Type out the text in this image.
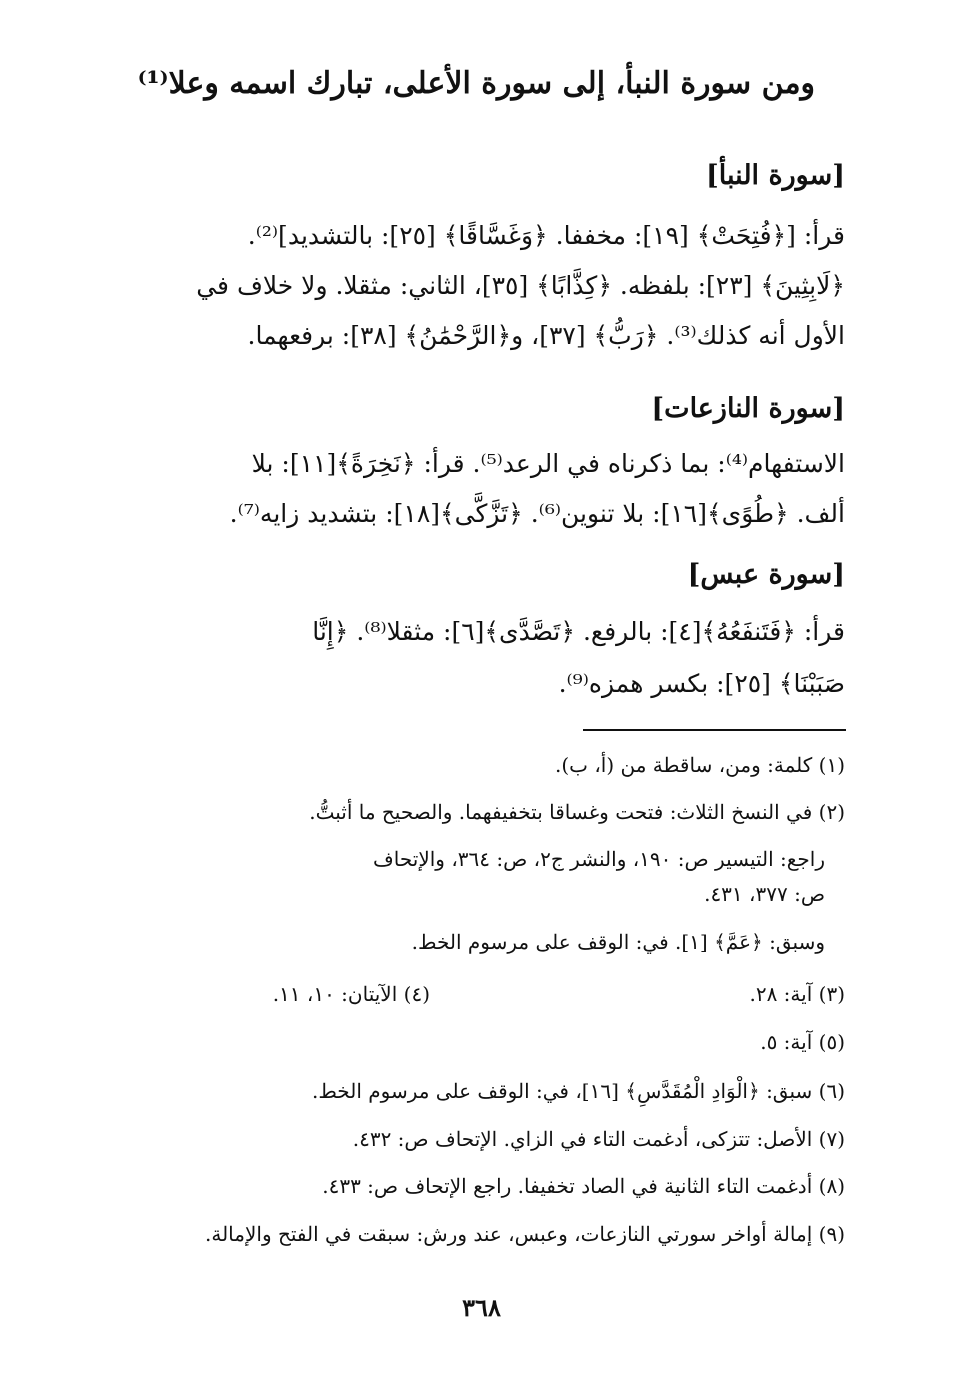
ومن سورة النبأ، إلى سورة الأعلى، تبارك اسمه وعلا⁽¹⁾
[سورة النبأ]
قرأ: [﴿فُتِحَتْ﴾ [١٩]: مخففا. ﴿وَغَسَّاقًا﴾ [٢٥]: بالتشديد]⁽²⁾.
﴿لَابِثِينَ﴾ [٢٣]: بلفظه. ﴿كِذَّابًا﴾ [٣٥]، الثاني: مثقلا. ولا خلاف في
الأول أنه كذلك⁽³⁾. ﴿رَبُّ﴾ [٣٧]، و﴿الرَّحْمَٰنُ﴾ [٣٨]: برفعهما.
[سورة النازعات]
الاستفهام⁽⁴⁾: بما ذكرناه في الرعد⁽⁵⁾. قرأ: ﴿نَخِرَةً﴾[١١]: بلا
ألف. ﴿طُوًى﴾[١٦]: بلا تنوين⁽⁶⁾. ﴿تَزَّكَّى﴾[١٨]: بتشديد زايه⁽⁷⁾.
[سورة عبس]
قرأ: ﴿فَتَنفَعُهُ﴾[٤]: بالرفع. ﴿تَصَّدَّى﴾[٦]: مثقلا⁽⁸⁾. ﴿إِنَّا
صَبَبْنَا﴾ [٢٥]: بكسر همزه⁽⁹⁾.
(١) كلمة: ومن، ساقطة من (أ، ب).
(٢) في النسخ الثلاث: فتحت وغساقا بتخفيفهما. والصحيح ما أثبتُّ.
راجع: التيسير ص: ١٩٠، والنشر ج٢، ص: ٣٦٤، والإتحاف
ص: ٣٧٧، ٤٣١.
وسبق: ﴿عَمَّ﴾ [١]. في: الوقف على مرسوم الخط.
(٣) آية: ٢٨.
(٤) الآيتان: ١٠، ١١.
(٥) آية: ٥.
(٦) سبق: ﴿الْوَادِ الْمُقَدَّسِ﴾ [١٦]، في: الوقف على مرسوم الخط.
(٧) الأصل: تتزكى، أدغمت التاء في الزاي. الإتحاف ص: ٤٣٢.
(٨) أدغمت التاء الثانية في الصاد تخفيفا. راجع الإتحاف ص: ٤٣٣.
(٩) إمالة أواخر سورتي النازعات، وعبس، عند ورش: سبقت في الفتح والإمالة.
٣٦٨
